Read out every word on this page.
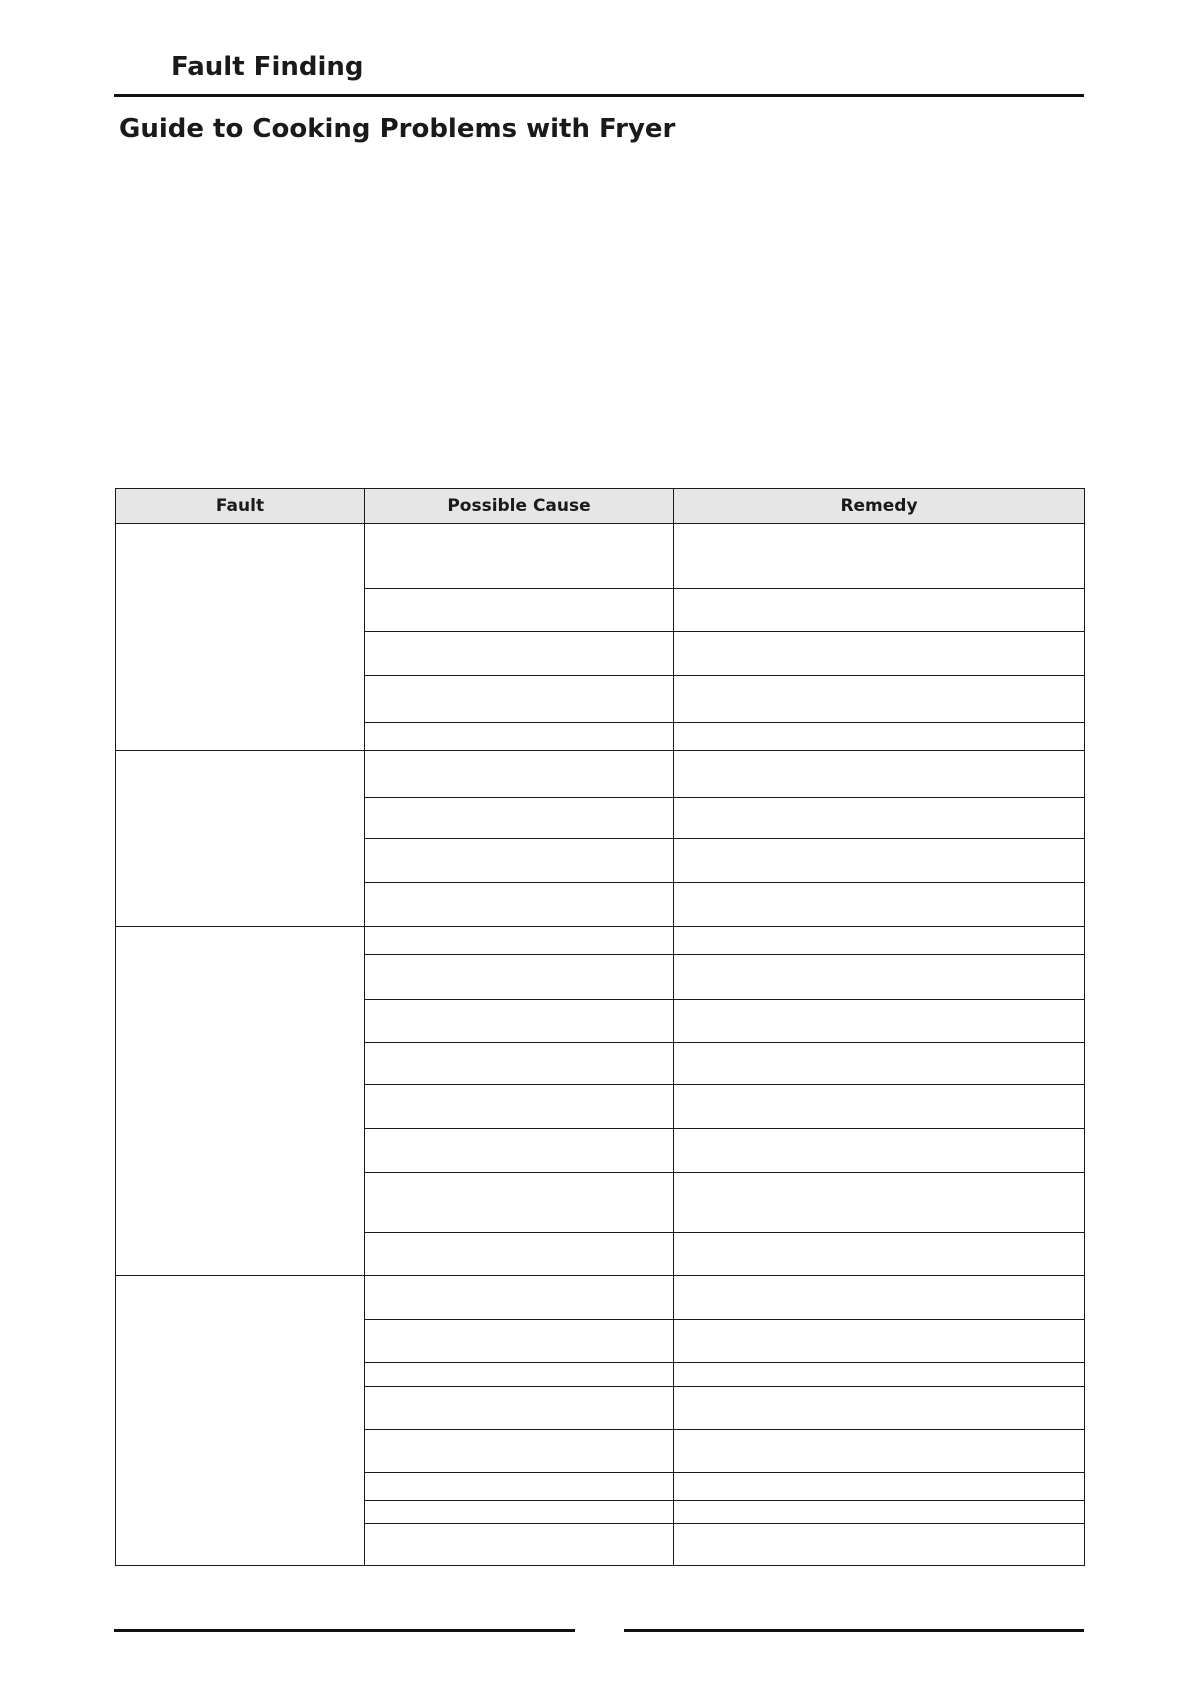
Fault Finding
Guide to Cooking Problems with Fryer
Fault	Possible Cause	Remedy
